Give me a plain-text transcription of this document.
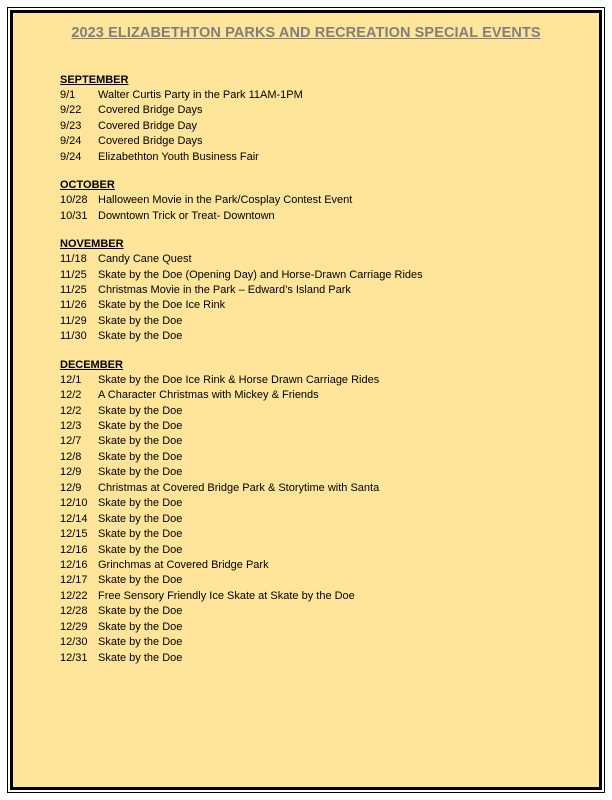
2023 ELIZABETHTON PARKS AND RECREATION SPECIAL EVENTS
SEPTEMBER
9/1	Walter Curtis Party in the Park 11AM-1PM
9/22	Covered Bridge Days
9/23	Covered Bridge Day
9/24	Covered Bridge Days
9/24	Elizabethton Youth Business Fair
OCTOBER
10/28 Halloween Movie in the Park/Cosplay Contest Event
10/31 Downtown Trick or Treat- Downtown
NOVEMBER
11/18	Candy Cane Quest
11/25	Skate by the Doe (Opening Day) and Horse-Drawn Carriage Rides
11/25	Christmas Movie in the Park – Edward’s Island Park
11/26	Skate by the Doe Ice Rink
11/29	Skate by the Doe
11/30	Skate by the Doe
DECEMBER
12/1	Skate by the Doe Ice Rink & Horse Drawn Carriage Rides
12/2	A Character Christmas with Mickey & Friends
12/2	Skate by the Doe
12/3	Skate by the Doe
12/7	Skate by the Doe
12/8	Skate by the Doe
12/9	Skate by the Doe
12/9	Christmas at Covered Bridge Park & Storytime with Santa
12/10 Skate by the Doe
12/14 Skate by the Doe
12/15 Skate by the Doe
12/16 Skate by the Doe
12/16 Grinchmas at Covered Bridge Park
12/17 Skate by the Doe
12/22 Free Sensory Friendly Ice Skate at Skate by the Doe
12/28 Skate by the Doe
12/29 Skate by the Doe
12/30 Skate by the Doe
12/31 Skate by the Doe
